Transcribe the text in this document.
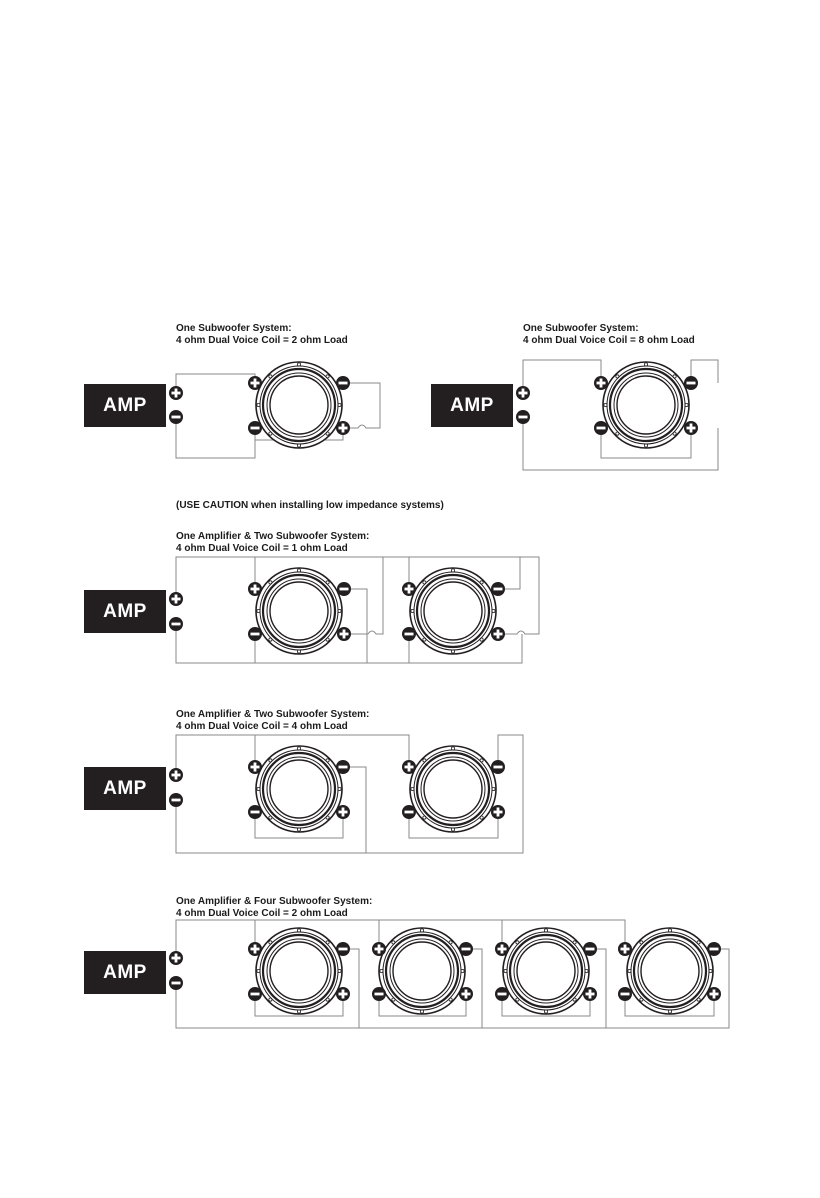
One Subwoofer System:
4 ohm Dual Voice Coil = 2 ohm Load
One Subwoofer System:
4 ohm Dual Voice Coil = 8 ohm Load
(USE CAUTION when installing low impedance systems)
One Amplifier & Two Subwoofer System:
4 ohm Dual Voice Coil = 1 ohm Load
One Amplifier & Two Subwoofer System:
4 ohm Dual Voice Coil = 4 ohm Load
One Amplifier & Four Subwoofer System:
4 ohm Dual Voice Coil = 2 ohm Load
AMP	AMP
AMP
AMP
AMP
